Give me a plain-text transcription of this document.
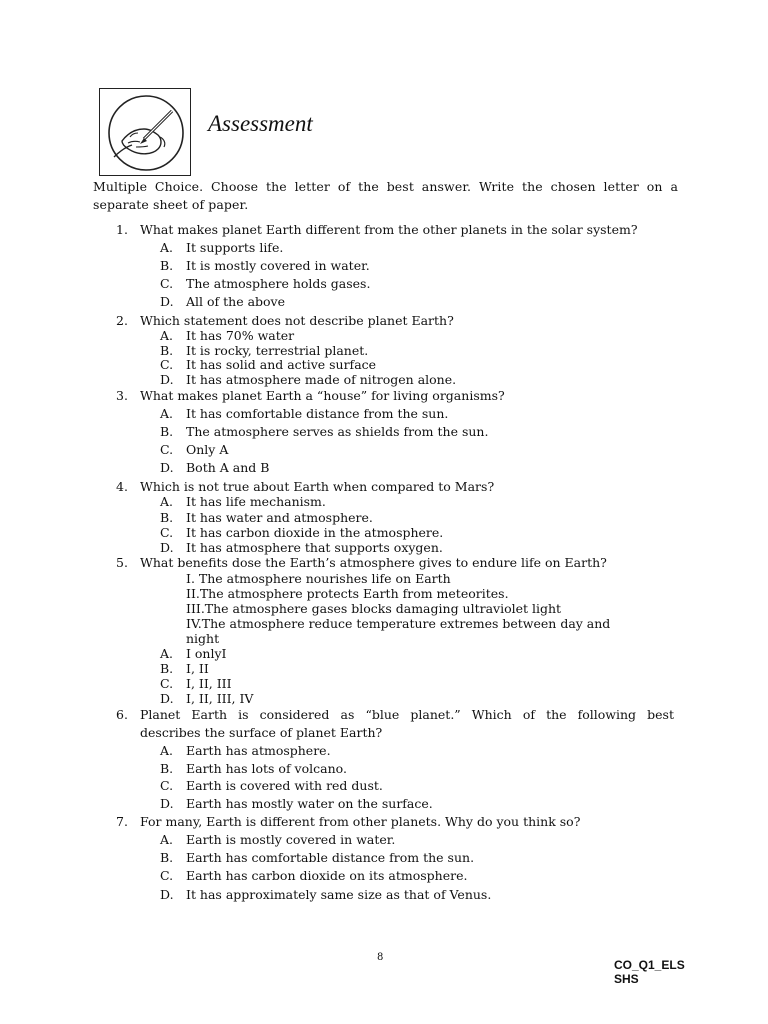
Assessment
Multiple Choice. Choose the letter of the best answer. Write the chosen letter on a separate sheet of paper.
1. What makes planet Earth different from the other planets in the solar system?
A. It supports life.
B. It is mostly covered in water.
C. The atmosphere holds gases.
D. All of the above
2. Which statement does not describe planet Earth?
A. It has 70% water
B. It is rocky, terrestrial planet.
C. It has solid and active surface
D. It has atmosphere made of nitrogen alone.
3. What makes planet Earth a “house” for living organisms?
A. It has comfortable distance from the sun.
B. The atmosphere serves as shields from the sun.
C. Only A
D. Both A and B
4. Which is not true about Earth when compared to Mars?
A. It has life mechanism.
B. It has water and atmosphere.
C. It has carbon dioxide in the atmosphere.
D. It has atmosphere that supports oxygen.
5. What benefits dose the Earth’s atmosphere gives to endure life on Earth?
I. The atmosphere nourishes life on Earth
II.The atmosphere protects Earth from meteorites.
III.The atmosphere gases blocks damaging ultraviolet light
IV.The atmosphere reduce temperature extremes between day and
night
A. I onlyI
B. I, II
C. I, II, III
D. I, II, III, IV
6. Planet Earth is considered as “blue planet.” Which of the following best
describes the surface of planet Earth?
A. Earth has atmosphere.
B. Earth has lots of volcano.
C. Earth is covered with red dust.
D. Earth has mostly water on the surface.
7. For many, Earth is different from other planets. Why do you think so?
A. Earth is mostly covered in water.
B. Earth has comfortable distance from the sun.
C. Earth has carbon dioxide on its atmosphere.
D. It has approximately same size as that of Venus.
8
CO_Q1_ELS
SHS
